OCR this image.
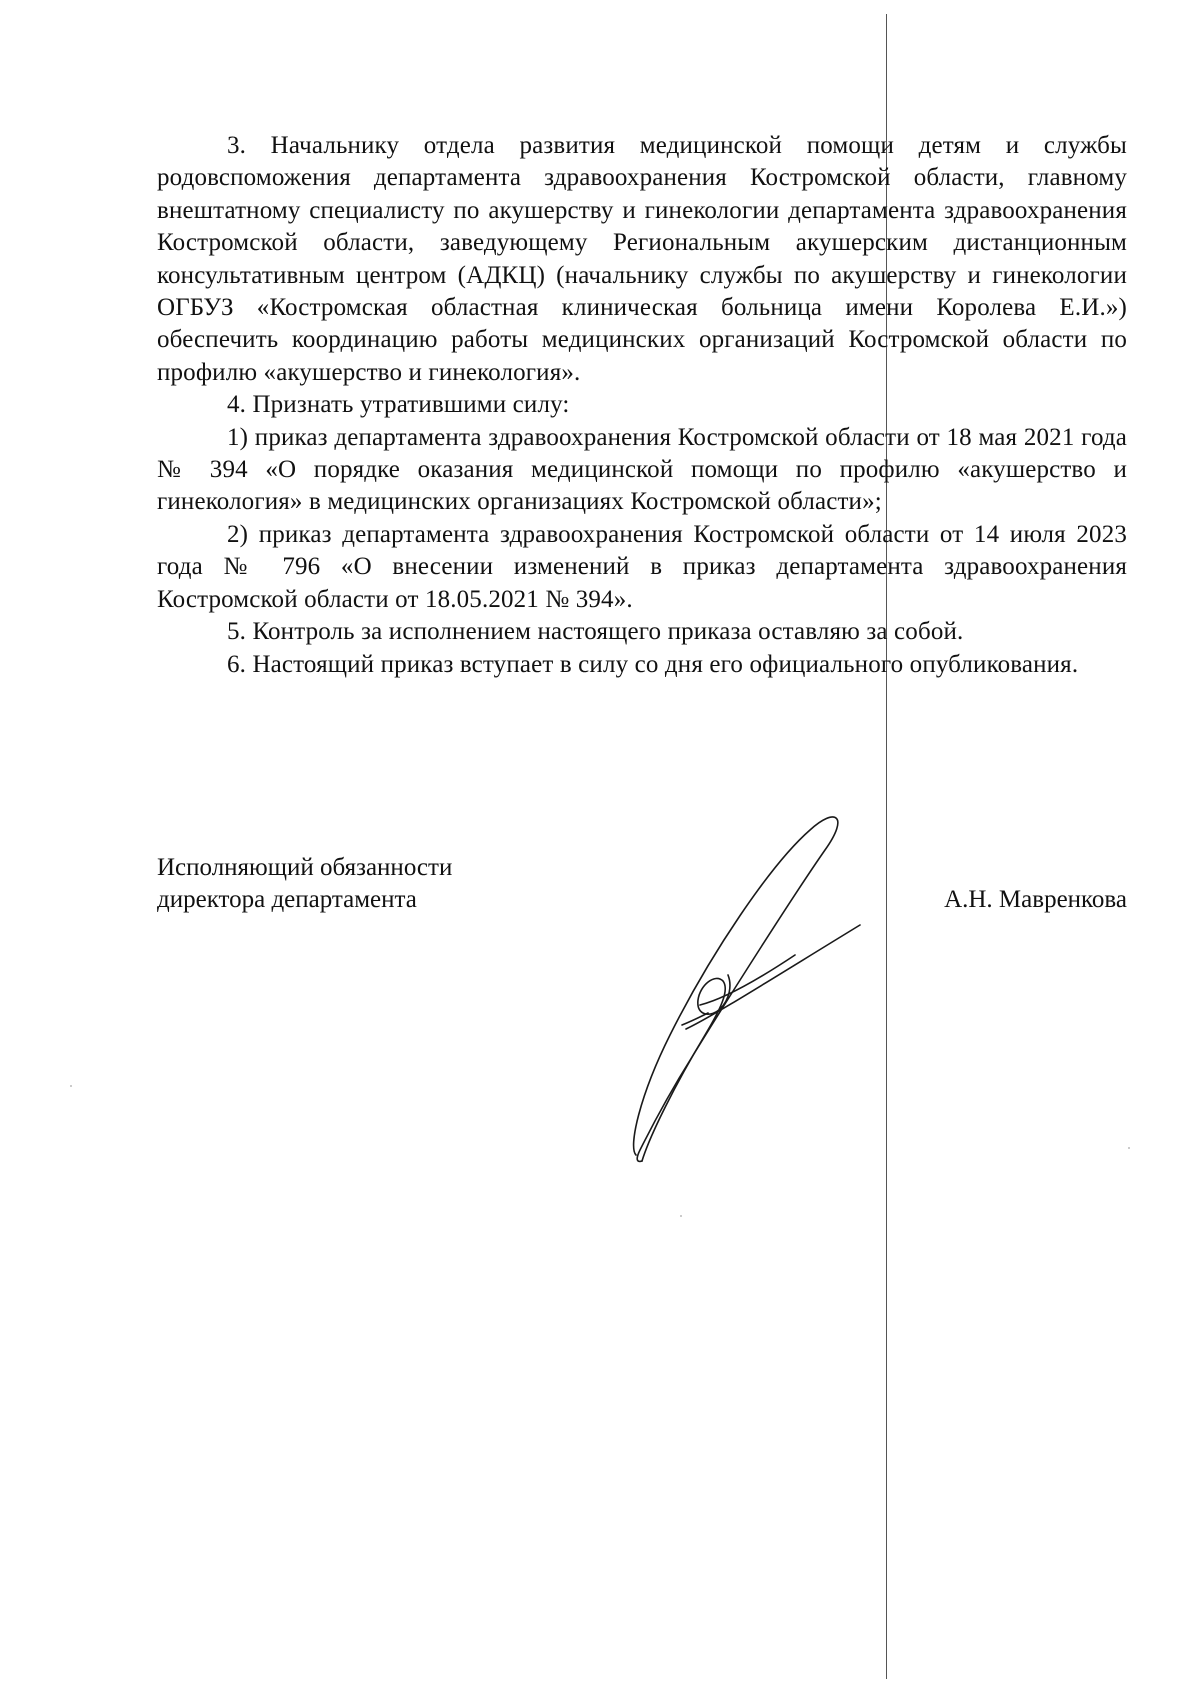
3. Начальнику отдела развития медицинской помощи детям и службы родовспоможения департамента здравоохранения Костромской области, главному внештатному специалисту по акушерству и гинекологии департамента здравоохранения Костромской области, заведующему Региональным акушерским дистанционным консультативным центром (АДКЦ) (начальнику службы по акушерству и гинекологии ОГБУЗ «Костромская областная клиническая больница имени Королева Е.И.») обеспечить координацию работы медицинских организаций Костромской области по профилю «акушерство и гинекология».

4. Признать утратившими силу:

1) приказ департамента здравоохранения Костромской области от 18 мая 2021 года № 394 «О порядке оказания медицинской помощи по профилю «акушерство и гинекология» в медицинских организациях Костромской области»;

2) приказ департамента здравоохранения Костромской области от 14 июля 2023 года № 796 «О внесении изменений в приказ департамента здравоохранения Костромской области от 18.05.2021 № 394».

5. Контроль за исполнением настоящего приказа оставляю за собой.

6. Настоящий приказ вступает в силу со дня его официального опубликования.

Исполняющий обязанности

директора департамента	А.Н. Мавренкова
